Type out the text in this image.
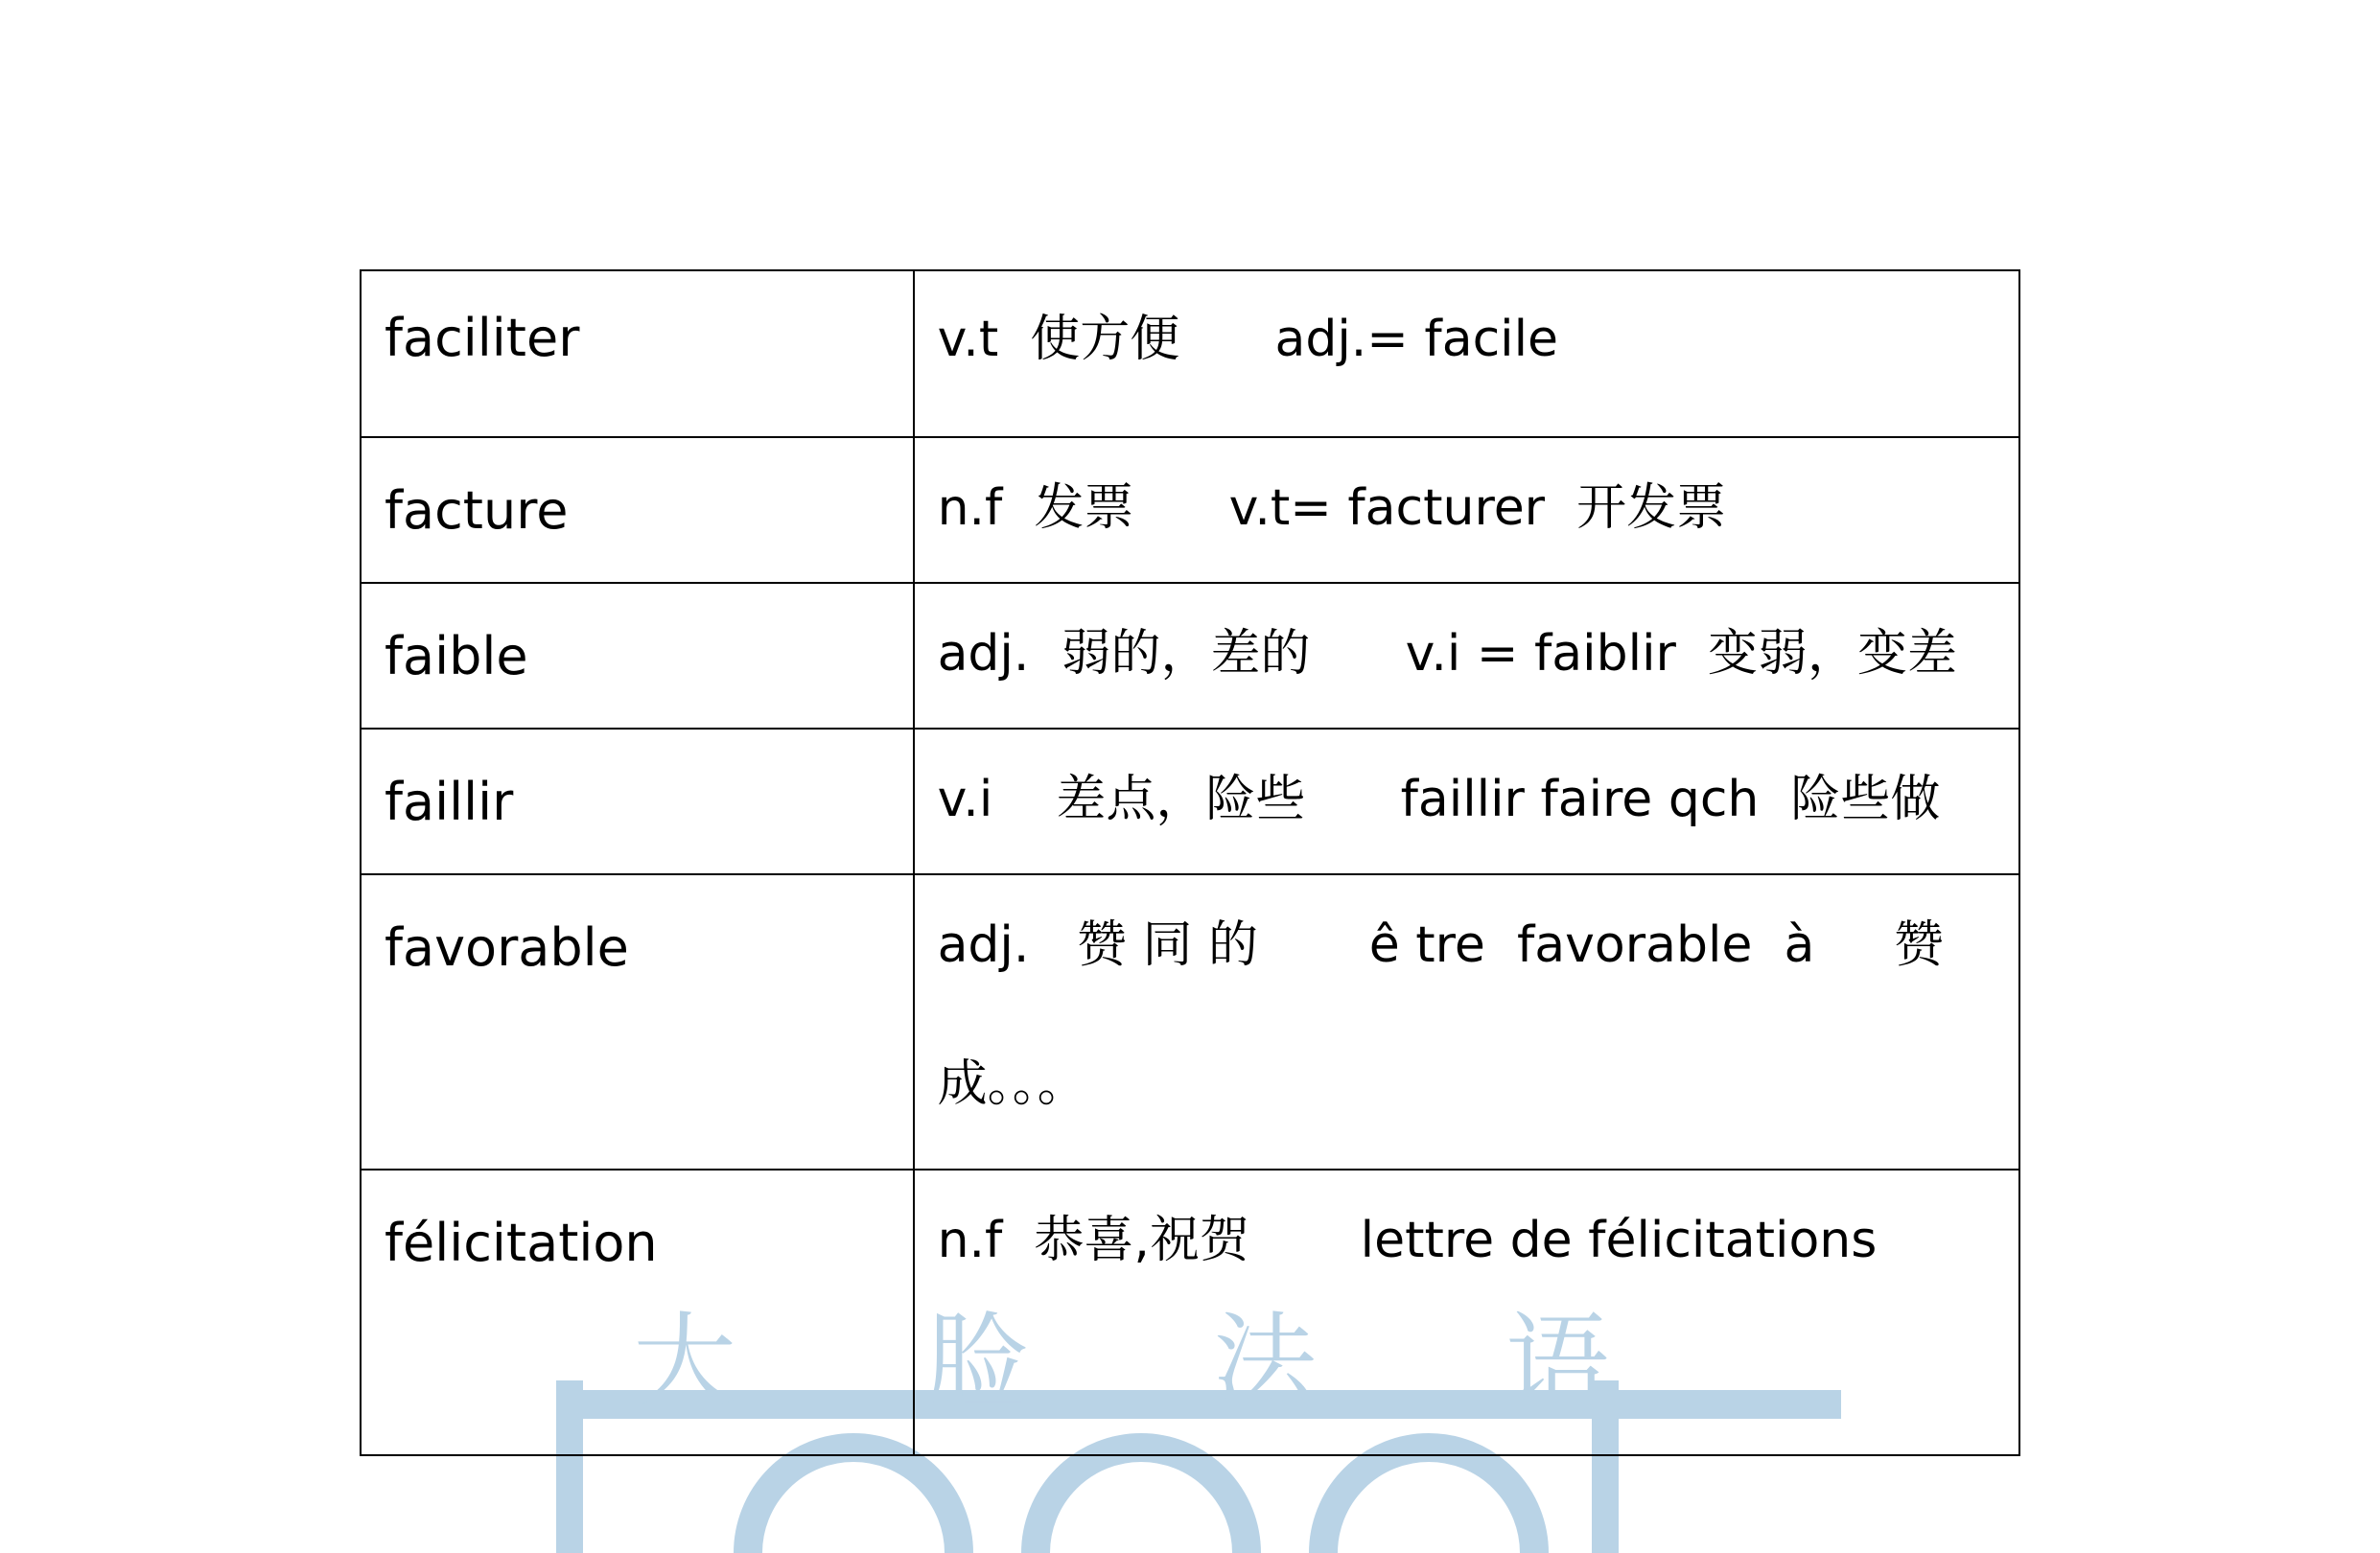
大 脸 法 语
faciliter	v.t  使方便      adj.= facile

facture	n.f  发票      v.t= facturer  开发票

faible	adj.  弱的，差的      v.i = faiblir  变弱，变差

faillir	v.i    差点，险些      faillir faire qch  险些做

favorable	adj.   赞 同 的       ê tre  favorable  à     赞
成。。。

félicitation	n.f  恭喜,祝贺       lettre de félicitations
